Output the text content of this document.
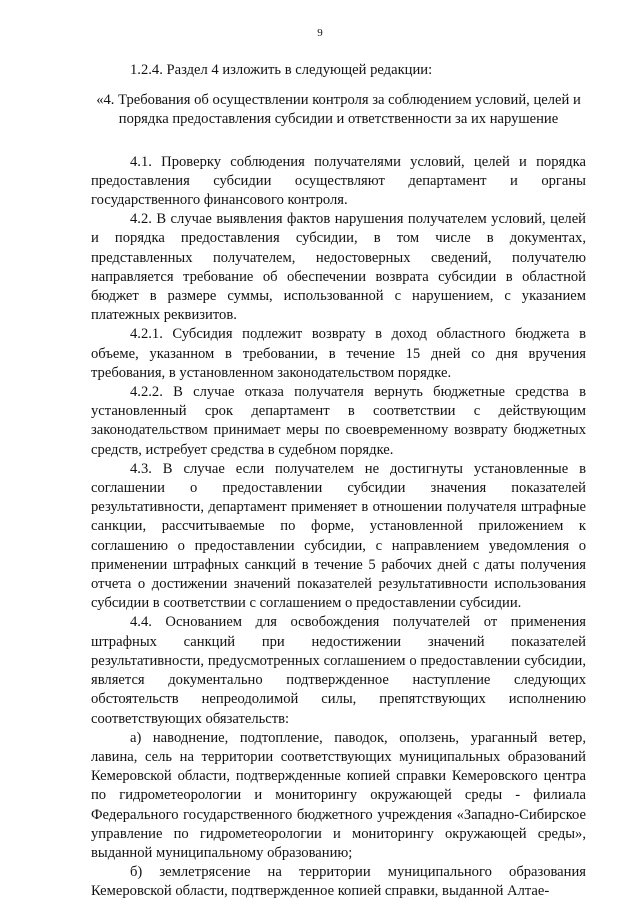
9

1.2.4. Раздел 4 изложить в следующей редакции:

«4. Требования об осуществлении контроля за соблюдением условий, целей и порядка предоставления субсидии и ответственности за их нарушение

4.1. Проверку соблюдения получателями условий, целей и порядка предоставления субсидии осуществляют департамент и органы государственного финансового контроля.

4.2. В случае выявления фактов нарушения получателем условий, целей и порядка предоставления субсидии, в том числе в документах, представленных получателем, недостоверных сведений, получателю направляется требование об обеспечении возврата субсидии в областной бюджет в размере суммы, использованной с нарушением, с указанием платежных реквизитов.

4.2.1. Субсидия подлежит возврату в доход областного бюджета в объеме, указанном в требовании, в течение 15 дней со дня вручения требования, в установленном законодательством порядке.

4.2.2. В случае отказа получателя вернуть бюджетные средства в установленный срок департамент в соответствии с действующим законодательством принимает меры по своевременному возврату бюджетных средств, истребует средства в судебном порядке.

4.3. В случае если получателем не достигнуты установленные в соглашении о предоставлении субсидии значения показателей результативности, департамент применяет в отношении получателя штрафные санкции, рассчитываемые по форме, установленной приложением к соглашению о предоставлении субсидии, с направлением уведомления о применении штрафных санкций в течение 5 рабочих дней с даты получения отчета о достижении значений показателей результативности использования субсидии в соответствии с соглашением о предоставлении субсидии.

4.4. Основанием для освобождения получателей от применения штрафных санкций при недостижении значений показателей результативности, предусмотренных соглашением о предоставлении субсидии, является документально подтвержденное наступление следующих обстоятельств непреодолимой силы, препятствующих исполнению соответствующих обязательств:

а) наводнение, подтопление, паводок, оползень, ураганный ветер, лавина, сель на территории соответствующих муниципальных образований Кемеровской области, подтвержденные копией справки Кемеровского центра по гидрометеорологии и мониторингу окружающей среды - филиала Федерального государственного бюджетного учреждения «Западно-Сибирское управление по гидрометеорологии и мониторингу окружающей среды», выданной муниципальному образованию;

б) землетрясение на территории муниципального образования Кемеровской области, подтвержденное копией справки, выданной Алтае-
